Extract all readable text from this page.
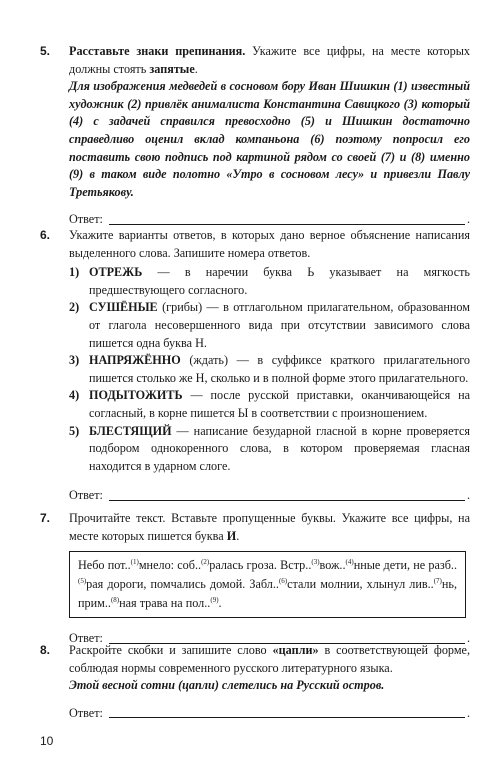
5. Расставьте знаки препинания. Укажите все цифры, на месте которых должны стоять запятые.

Для изображения медведей в сосновом бору Иван Шишкин (1) известный художник (2) привлёк анималиста Константина Савицкого (3) который (4) с задачей справился превосходно (5) и Шишкин достаточно справедливо оценил вклад компаньона (6) поэтому попросил его поставить свою подпись под картиной рядом со своей (7) и (8) именно (9) в таком виде полотно «Утро в сосновом лесу» и привезли Павлу Третьякову.

Ответ:	.
6. Укажите варианты ответов, в которых дано верное объяснение написания выделенного слова. Запишите номера ответов.

1) ОТРЕЖЬ — в наречии буква Ь указывает на мягкость предшествующего согласного.
2) СУШЁНЫЕ (грибы) — в отглагольном прилагательном, образованном от глагола несовершенного вида при отсутствии зависимого слова пишется одна буква Н.
3) НАПРЯЖЁННО (ждать) — в суффиксе краткого прилагательного пишется столько же Н, сколько и в полной форме этого прилагательного.
4) ПОДЫТОЖИТЬ — после русской приставки, оканчивающейся на согласный, в корне пишется Ы в соответствии с произношением.
5) БЛЕСТЯЩИЙ — написание безударной гласной в корне проверяется подбором однокоренного слова, в котором проверяемая гласная находится в ударном слоге.
Ответ:	.
7. Прочитайте текст. Вставьте пропущенные буквы. Укажите все цифры, на месте которых пишется буква И.

Небо пот..$^{(1)}$мнело: соб..$^{(2)}$ралась гроза. Встр..$^{(3)}$вож..$^{(4)}$нные дети, не разб..$^{(5)}$рая дороги, помчались домой. Забл..$^{(6)}$стали молнии, хлынул лив..$^{(7)}$нь, прим..$^{(8)}$ная трава на пол..$^{(9)}$.
Ответ:	.
8. Раскройте скобки и запишите слово «цапли» в соответствующей форме, соблюдая нормы современного русского литературного языка.

Этой весной сотни (цапли) слетелись на Русский остров.

Ответ:	.
10
